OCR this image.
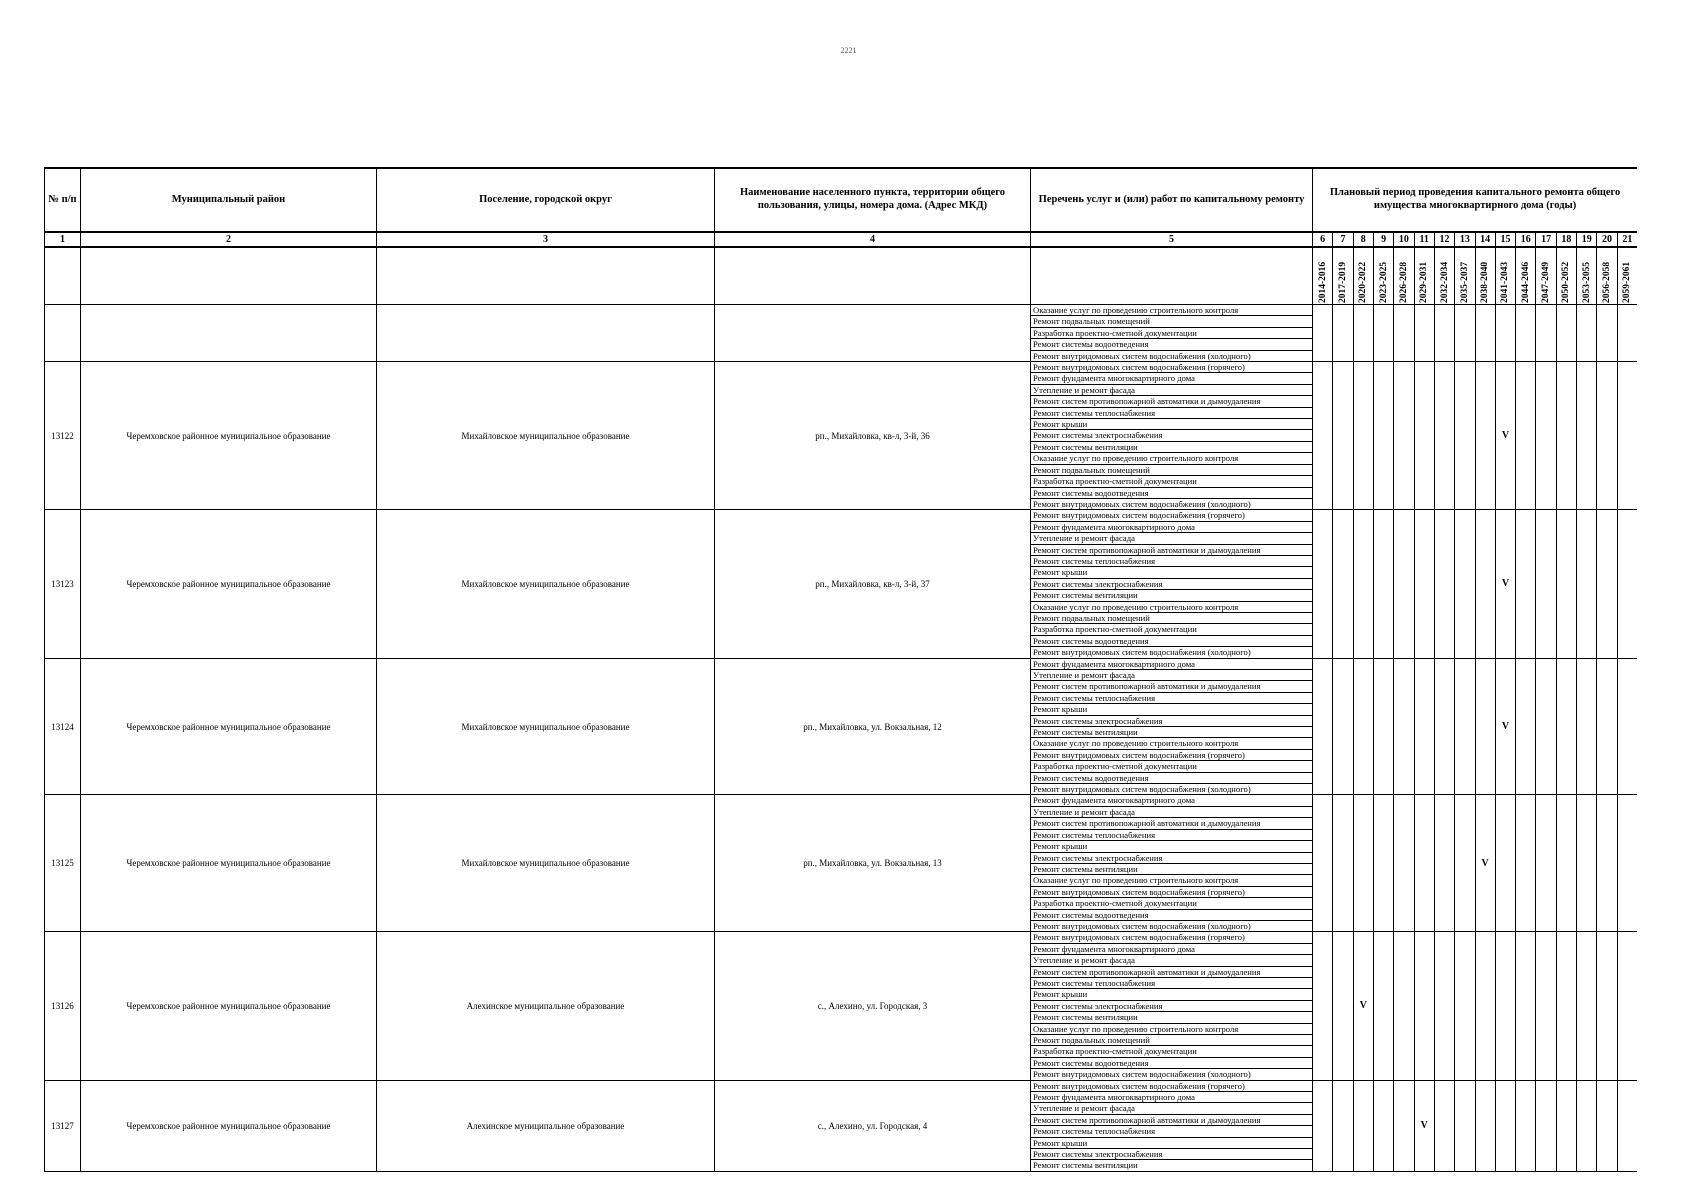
2221
№ п/п	Муниципальный район	Поселение, городской округ	Наименование населенного пункта, территории общего пользования, улицы, номера дома. (Адрес МКД)	Перечень услуг и (или) работ по капитальному ремонту	Плановый период проведения капитального ремонта общего имущества многоквартирного дома (годы)															
1	2	3	4	5	6	7	8	9	10	11	12	13	14	15	16	17	18	19	20	21

					2014-2016	2017-2019	2020-2022	2023-2025	2026-2028	2029-2031	2032-2034	2035-2037	2038-2040	2041-2043	2044-2046	2047-2049	2050-2052	2053-2055	2056-2058	2059-2061

				Оказание услуг по проведению строительного контроля																
				Ремонт подвальных помещений																
				Разработка проектно-сметной документации																
				Ремонт системы водоотведения																
				Ремонт внутридомовых систем водоснабжения (холодного)																
13122	Черемховское районное муниципальное образование	Михайловское муниципальное образование	рп., Михайловка, кв-л, 3-й, 36	Ремонт внутридомовых систем водоснабжения (горячего)										V						
				Ремонт фундамента многоквартирного дома																
				Утепление и ремонт фасада																
				Ремонт систем противопожарной автоматики и дымоудаления																
				Ремонт системы теплоснабжения																
				Ремонт крыши																
				Ремонт системы электроснабжения																
				Ремонт системы вентиляции																
				Оказание услуг по проведению строительного контроля																
				Ремонт подвальных помещений																
				Разработка проектно-сметной документации																
				Ремонт системы водоотведения																
				Ремонт внутридомовых систем водоснабжения (холодного)																
13123	Черемховское районное муниципальное образование	Михайловское муниципальное образование	рп., Михайловка, кв-л, 3-й, 37	Ремонт внутридомовых систем водоснабжения (горячего)										V						
				Ремонт фундамента многоквартирного дома																
				Утепление и ремонт фасада																
				Ремонт систем противопожарной автоматики и дымоудаления																
				Ремонт системы теплоснабжения																
				Ремонт крыши																
				Ремонт системы электроснабжения																
				Ремонт системы вентиляции																
				Оказание услуг по проведению строительного контроля																
				Ремонт подвальных помещений																
				Разработка проектно-сметной документации																
				Ремонт системы водоотведения																
				Ремонт внутридомовых систем водоснабжения (холодного)																
13124	Черемховское районное муниципальное образование	Михайловское муниципальное образование	рп., Михайловка, ул. Вокзальная, 12	Ремонт фундамента многоквартирного дома										V						
				Утепление и ремонт фасада																
				Ремонт систем противопожарной автоматики и дымоудаления																
				Ремонт системы теплоснабжения																
				Ремонт крыши																
				Ремонт системы электроснабжения																
				Ремонт системы вентиляции																
				Оказание услуг по проведению строительного контроля																
				Ремонт внутридомовых систем водоснабжения (горячего)																
				Разработка проектно-сметной документации																
				Ремонт системы водоотведения																
				Ремонт внутридомовых систем водоснабжения (холодного)																
13125	Черемховское районное муниципальное образование	Михайловское муниципальное образование	рп., Михайловка, ул. Вокзальная, 13	Ремонт фундамента многоквартирного дома									V							
				Утепление и ремонт фасада																
				Ремонт систем противопожарной автоматики и дымоудаления																
				Ремонт системы теплоснабжения																
				Ремонт крыши																
				Ремонт системы электроснабжения																
				Ремонт системы вентиляции																
				Оказание услуг по проведению строительного контроля																
				Ремонт внутридомовых систем водоснабжения (горячего)																
				Разработка проектно-сметной документации																
				Ремонт системы водоотведения																
				Ремонт внутридомовых систем водоснабжения (холодного)																
13126	Черемховское районное муниципальное образование	Алехинское муниципальное образование	с., Алехино, ул. Городская, 3	Ремонт внутридомовых систем водоснабжения (горячего)			V													
				Ремонт фундамента многоквартирного дома																
				Утепление и ремонт фасада																
				Ремонт систем противопожарной автоматики и дымоудаления																
				Ремонт системы теплоснабжения																
				Ремонт крыши																
				Ремонт системы электроснабжения																
				Ремонт системы вентиляции																
				Оказание услуг по проведению строительного контроля																
				Ремонт подвальных помещений																
				Разработка проектно-сметной документации																
				Ремонт системы водоотведения																
				Ремонт внутридомовых систем водоснабжения (холодного)																
13127	Черемховское районное муниципальное образование	Алехинское муниципальное образование	с., Алехино, ул. Городская, 4	Ремонт внутридомовых систем водоснабжения (горячего)						V										
				Ремонт фундамента многоквартирного дома																
				Утепление и ремонт фасада																
				Ремонт систем противопожарной автоматики и дымоудаления																
				Ремонт системы теплоснабжения																
				Ремонт крыши																
				Ремонт системы электроснабжения																
				Ремонт системы вентиляции																
